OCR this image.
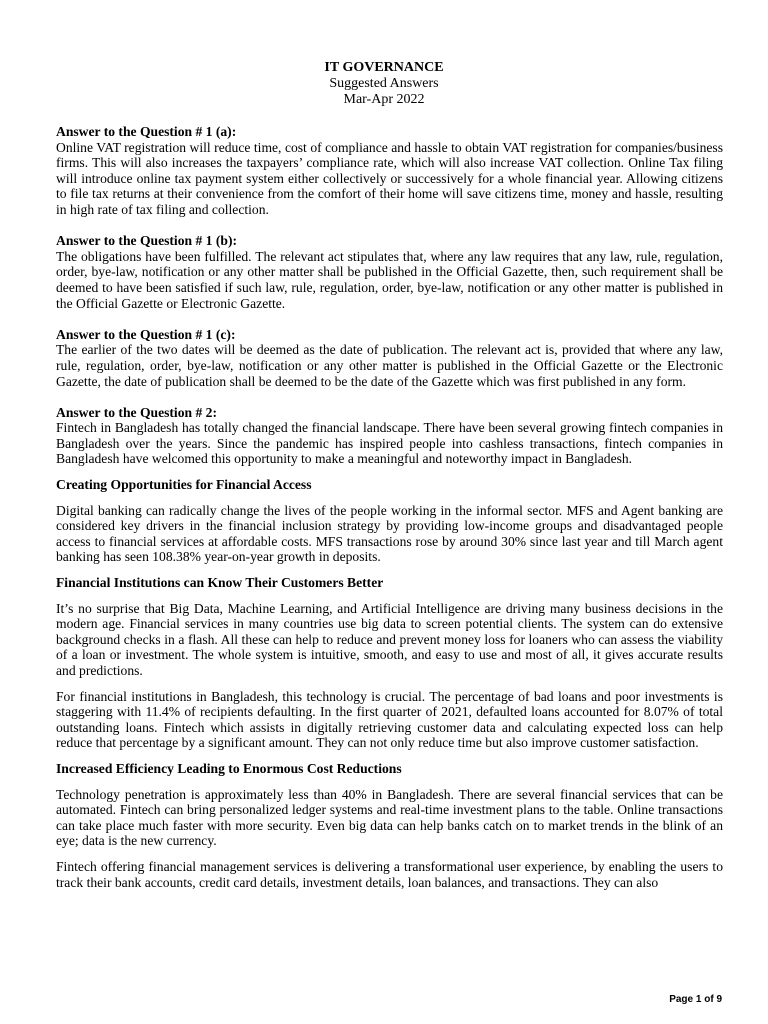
IT GOVERNANCE
Suggested Answers
Mar-Apr 2022

Answer to the Question # 1 (a):

Online VAT registration will reduce time, cost of compliance and hassle to obtain VAT registration for companies/business firms. This will also increases the taxpayers’ compliance rate, which will also increase VAT collection. Online Tax filing will introduce online tax payment system either collectively or successively for a whole financial year. Allowing citizens to file tax returns at their convenience from the comfort of their home will save citizens time, money and hassle, resulting in high rate of tax filing and collection.

Answer to the Question # 1 (b):

The obligations have been fulfilled. The relevant act stipulates that, where any law requires that any law, rule, regulation, order, bye-law, notification or any other matter shall be published in the Official Gazette, then, such requirement shall be deemed to have been satisfied if such law, rule, regulation, order, bye-law, notification or any other matter is published in the Official Gazette or Electronic Gazette.

Answer to the Question # 1 (c):

The earlier of the two dates will be deemed as the date of publication. The relevant act is, provided that where any law, rule, regulation, order, bye-law, notification or any other matter is published in the Official Gazette or the Electronic Gazette, the date of publication shall be deemed to be the date of the Gazette which was first published in any form.

Answer to the Question # 2:

Fintech in Bangladesh has totally changed the financial landscape. There have been several growing fintech companies in Bangladesh over the years. Since the pandemic has inspired people into cashless transactions, fintech companies in Bangladesh have welcomed this opportunity to make a meaningful and noteworthy impact in Bangladesh.

Creating Opportunities for Financial Access

Digital banking can radically change the lives of the people working in the informal sector. MFS and Agent banking are considered key drivers in the financial inclusion strategy by providing low-income groups and disadvantaged people access to financial services at affordable costs. MFS transactions rose by around 30% since last year and till March agent banking has seen 108.38% year-on-year growth in deposits.

Financial Institutions can Know Their Customers Better

It’s no surprise that Big Data, Machine Learning, and Artificial Intelligence are driving many business decisions in the modern age. Financial services in many countries use big data to screen potential clients. The system can do extensive background checks in a flash. All these can help to reduce and prevent money loss for loaners who can assess the viability of a loan or investment. The whole system is intuitive, smooth, and easy to use and most of all, it gives accurate results and predictions.

For financial institutions in Bangladesh, this technology is crucial. The percentage of bad loans and poor investments is staggering with 11.4% of recipients defaulting. In the first quarter of 2021, defaulted loans accounted for 8.07% of total outstanding loans. Fintech which assists in digitally retrieving customer data and calculating expected loss can help reduce that percentage by a significant amount. They can not only reduce time but also improve customer satisfaction.

Increased Efficiency Leading to Enormous Cost Reductions

Technology penetration is approximately less than 40% in Bangladesh. There are several financial services that can be automated. Fintech can bring personalized ledger systems and real-time investment plans to the table. Online transactions can take place much faster with more security. Even big data can help banks catch on to market trends in the blink of an eye; data is the new currency.

Fintech offering financial management services is delivering a transformational user experience, by enabling the users to track their bank accounts, credit card details, investment details, loan balances, and transactions. They can also

Page 1 of 9
